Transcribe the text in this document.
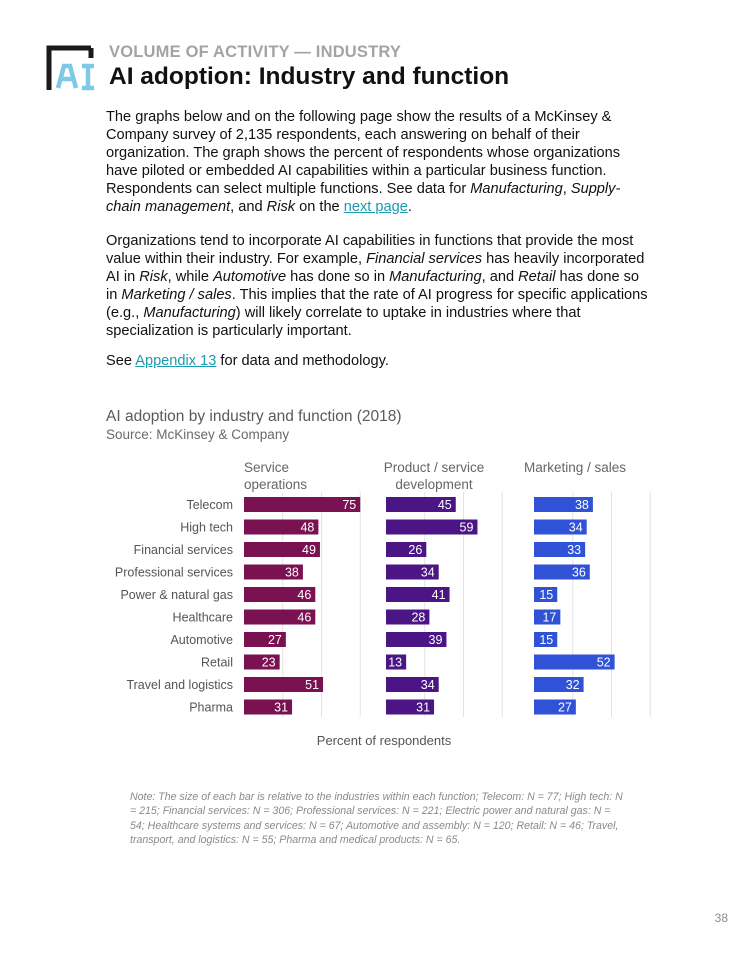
VOLUME OF ACTIVITY — INDUSTRY
AI adoption: Industry and function

The graphs below and on the following page show the results of a McKinsey & Company survey of 2,135 respondents, each answering on behalf of their organization. The graph shows the percent of respondents whose organizations have piloted or embedded AI capabilities within a particular business function. Respondents can select multiple functions. See data for Manufacturing, Supply-chain management, and Risk on the next page.

Organizations tend to incorporate AI capabilities in functions that provide the most value within their industry. For example, Financial services has heavily incorporated AI in Risk, while Automotive has done so in Manufacturing, and Retail has done so in Marketing / sales. This implies that the rate of AI progress for specific applications (e.g., Manufacturing) will likely correlate to uptake in industries where that specialization is particularly important.

See Appendix 13 for data and methodology.

AI adoption by industry and function (2018)
Source: McKinsey & Company
Service
operations
Product / service
development
Marketing / sales
Telecom
High tech
Financial services
Professional services
Power & natural gas
Healthcare
Automotive
Retail
Travel and logistics
Pharma
75
48
49
38
46
46
27
23
51
31
45
59
26
34
41
28
39
13
34
31
38
34
33
36
15
17
15
52
32
27
Percent of respondents
Note: The size of each bar is relative to the industries within each function; Telecom: N = 77; High tech: N = 215; Financial services: N = 306; Professional services: N = 221; Electric power and natural gas: N = 54; Healthcare systems and services: N = 67; Automotive and assembly: N = 120; Retail: N = 46; Travel, transport, and logistics: N = 55; Pharma and medical products: N = 65.
38
